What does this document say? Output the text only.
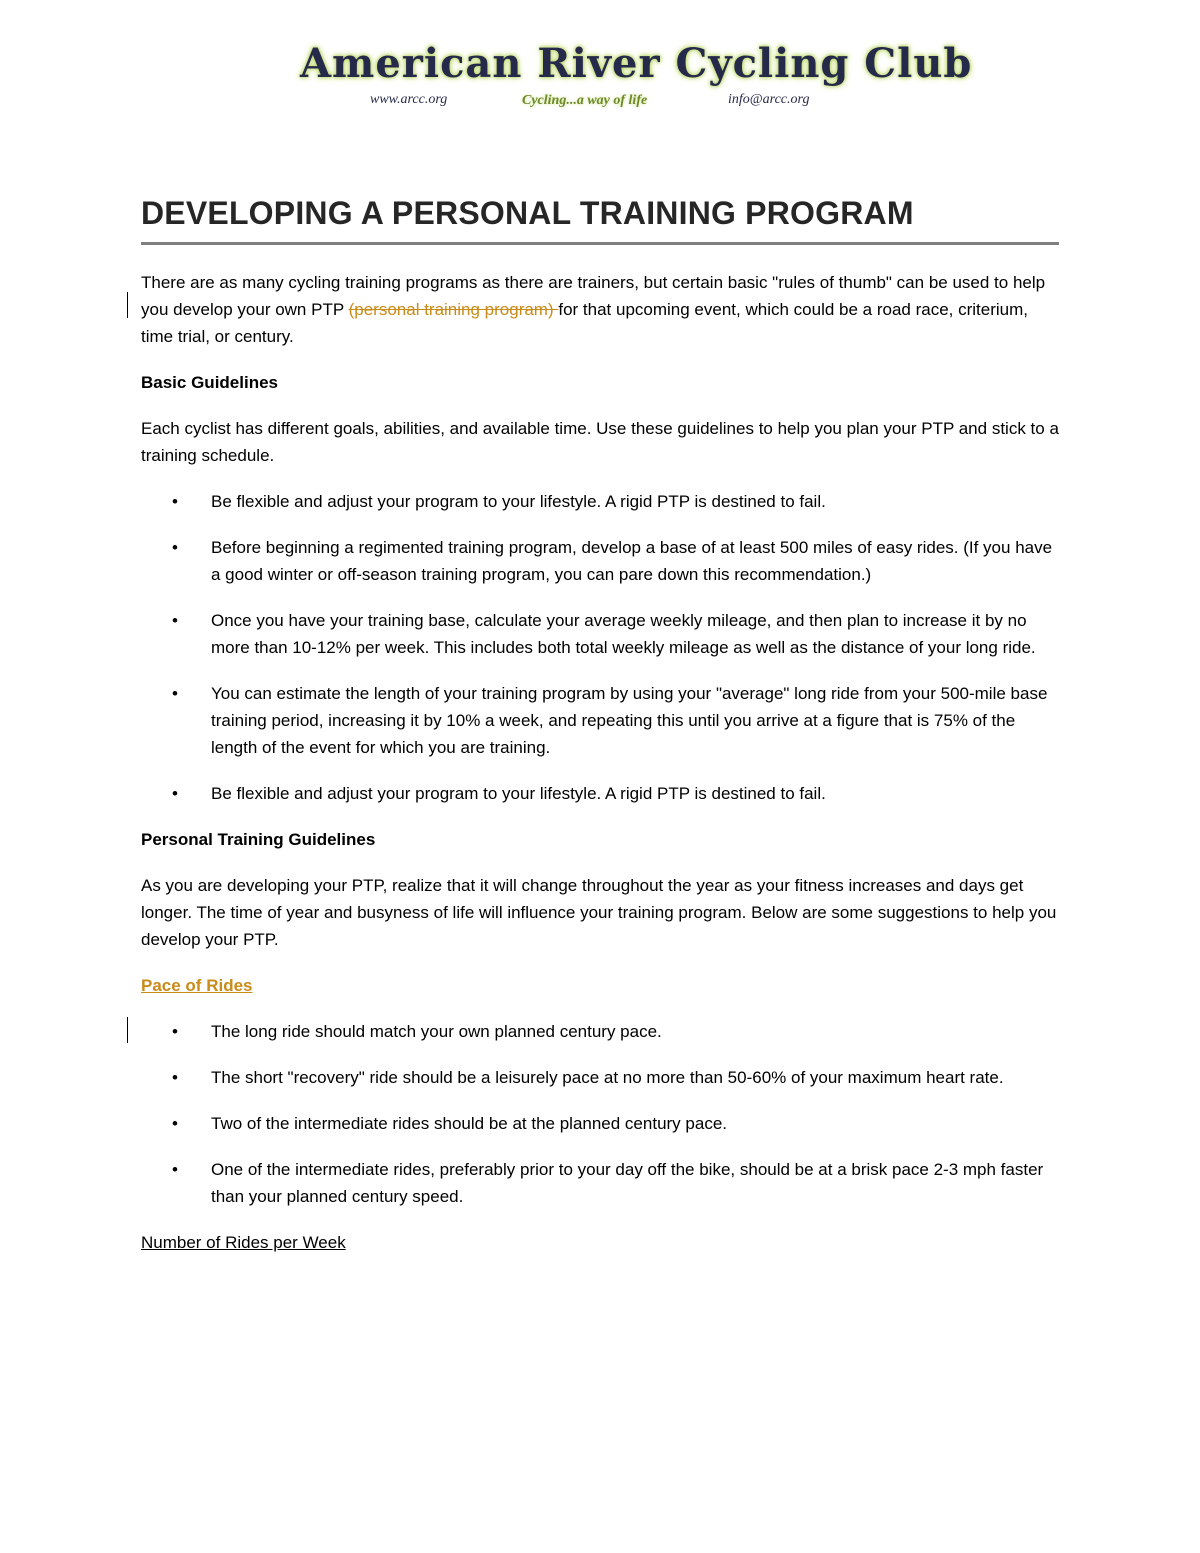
American River Cycling Club
www.arcc.org	Cycling...a way of life	info@arcc.org
DEVELOPING A PERSONAL TRAINING PROGRAM

There are as many cycling training programs as there are trainers, but certain basic "rules of thumb" can be used to help you develop your own PTP (personal training program) for that upcoming event, which could be a road race, criterium, time trial, or century.

Basic Guidelines

Each cyclist has different goals, abilities, and available time. Use these guidelines to help you plan your PTP and stick to a training schedule.

• Be flexible and adjust your program to your lifestyle. A rigid PTP is destined to fail.
• Before beginning a regimented training program, develop a base of at least 500 miles of easy rides. (If you have a good winter or off-season training program, you can pare down this recommendation.)
• Once you have your training base, calculate your average weekly mileage, and then plan to increase it by no more than 10-12% per week. This includes both total weekly mileage as well as the distance of your long ride.
• You can estimate the length of your training program by using your "average" long ride from your 500-mile base training period, increasing it by 10% a week, and repeating this until you arrive at a figure that is 75% of the length of the event for which you are training.
• Be flexible and adjust your program to your lifestyle. A rigid PTP is destined to fail.

Personal Training Guidelines

As you are developing your PTP, realize that it will change throughout the year as your fitness increases and days get longer. The time of year and busyness of life will influence your training program. Below are some suggestions to help you develop your PTP.

Pace of Rides

• The long ride should match your own planned century pace.
• The short "recovery" ride should be a leisurely pace at no more than 50-60% of your maximum heart rate.
• Two of the intermediate rides should be at the planned century pace.
• One of the intermediate rides, preferably prior to your day off the bike, should be at a brisk pace 2-3 mph faster than your planned century speed.

Number of Rides per Week
